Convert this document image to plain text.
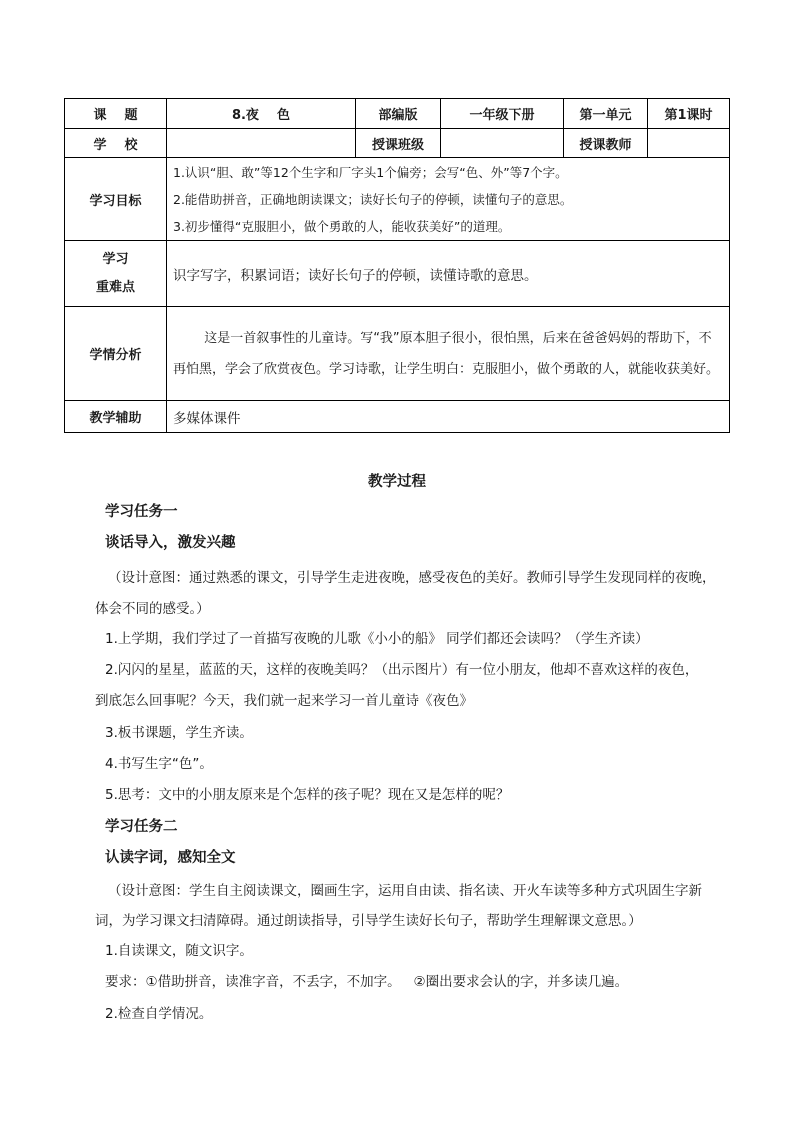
课    题	8.夜    色	部编版	一年级下册	第一单元	第1课时
学    校		授课班级		授课教师	
学习目标	1.认识“胆、敢”等12个生字和厂字头1个偏旁；会写“色、外”等7个字。
2.能借助拼音，正确地朗读课文；读好长句子的停顿，读懂句子的意思。
3.初步懂得“克服胆小，做个勇敢的人，能收获美好”的道理。				

学习
重难点	识字写字，积累词语；读好长句子的停顿，读懂诗歌的意思。				
学情分析	这是一首叙事性的儿童诗。写“我”原本胆子很小，很怕黑，后来在爸爸妈妈的帮助下，不再怕黑，学会了欣赏夜色。学习诗歌，让学生明白：克服胆小，做个勇敢的人，就能收获美好。				
教学辅助	多媒体课件				
教学过程
学习任务一
谈话导入，激发兴趣
（设计意图：通过熟悉的课文，引导学生走进夜晚，感受夜色的美好。教师引导学生发现同样的夜晚，
体会不同的感受。）
1.上学期，我们学过了一首描写夜晚的儿歌《小小的船》 同学们都还会读吗？（学生齐读）
2.闪闪的星星，蓝蓝的天，这样的夜晚美吗？（出示图片）有一位小朋友，他却不喜欢这样的夜色，
到底怎么回事呢？今天，我们就一起来学习一首儿童诗《夜色》
3.板书课题，学生齐读。
4.书写生字“色”。
5.思考：文中的小朋友原来是个怎样的孩子呢？现在又是怎样的呢？
学习任务二
认读字词，感知全文
（设计意图：学生自主阅读课文，圈画生字，运用自由读、指名读、开火车读等多种方式巩固生字新
词，为学习课文扫清障碍。通过朗读指导，引导学生读好长句子，帮助学生理解课文意思。）
1.自读课文，随文识字。
要求：①借助拼音，读准字音，不丢字，不加字。   ②圈出要求会认的字，并多读几遍。
2.检查自学情况。
